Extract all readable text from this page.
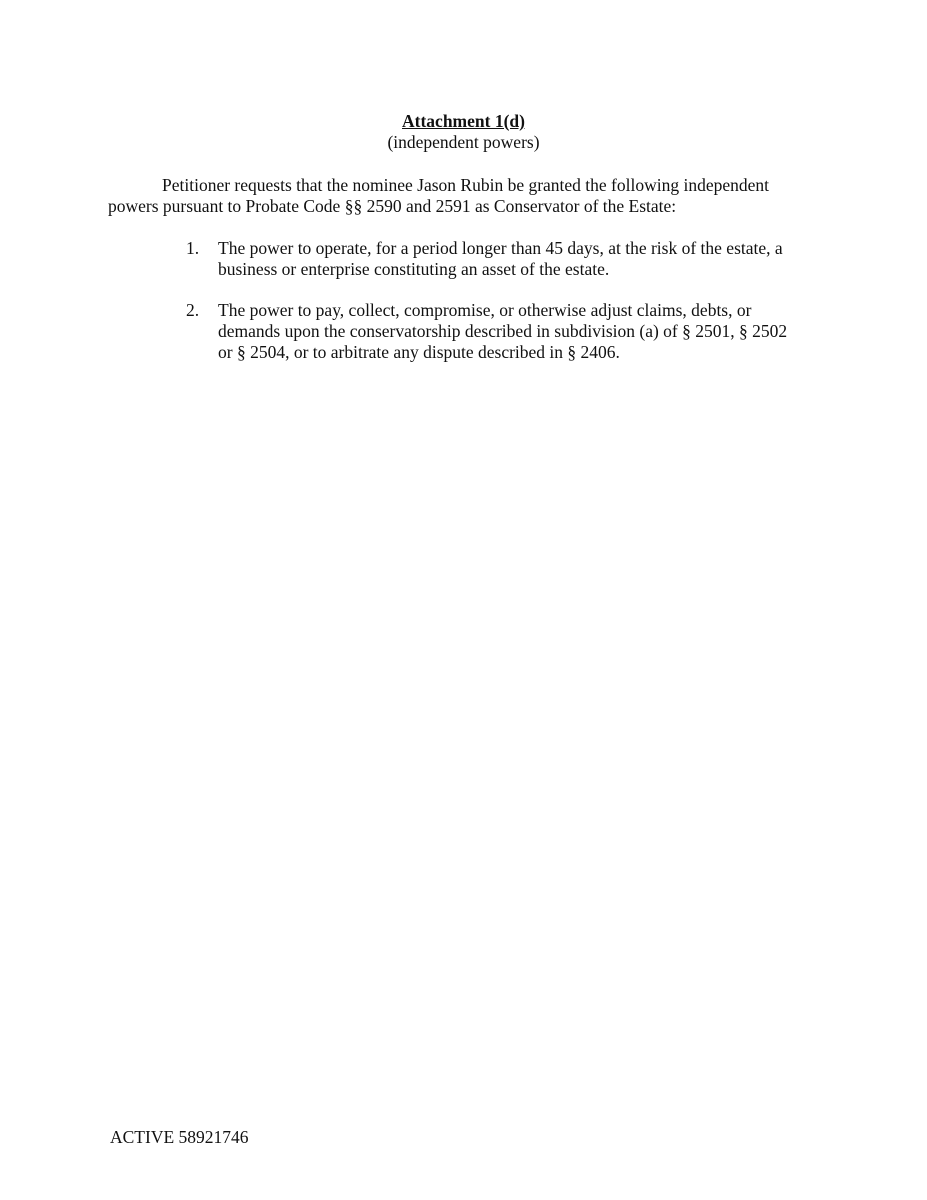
Attachment 1(d)
(independent powers)
Petitioner requests that the nominee Jason Rubin be granted the following independent
powers pursuant to Probate Code §§ 2590 and 2591 as Conservator of the Estate:
1.	The power to operate, for a period longer than 45 days, at the risk of the estate, a
business or enterprise constituting an asset of the estate.
2.	The power to pay, collect, compromise, or otherwise adjust claims, debts, or
demands upon the conservatorship described in subdivision (a) of § 2501, § 2502
or § 2504, or to arbitrate any dispute described in § 2406.
ACTIVE 58921746
